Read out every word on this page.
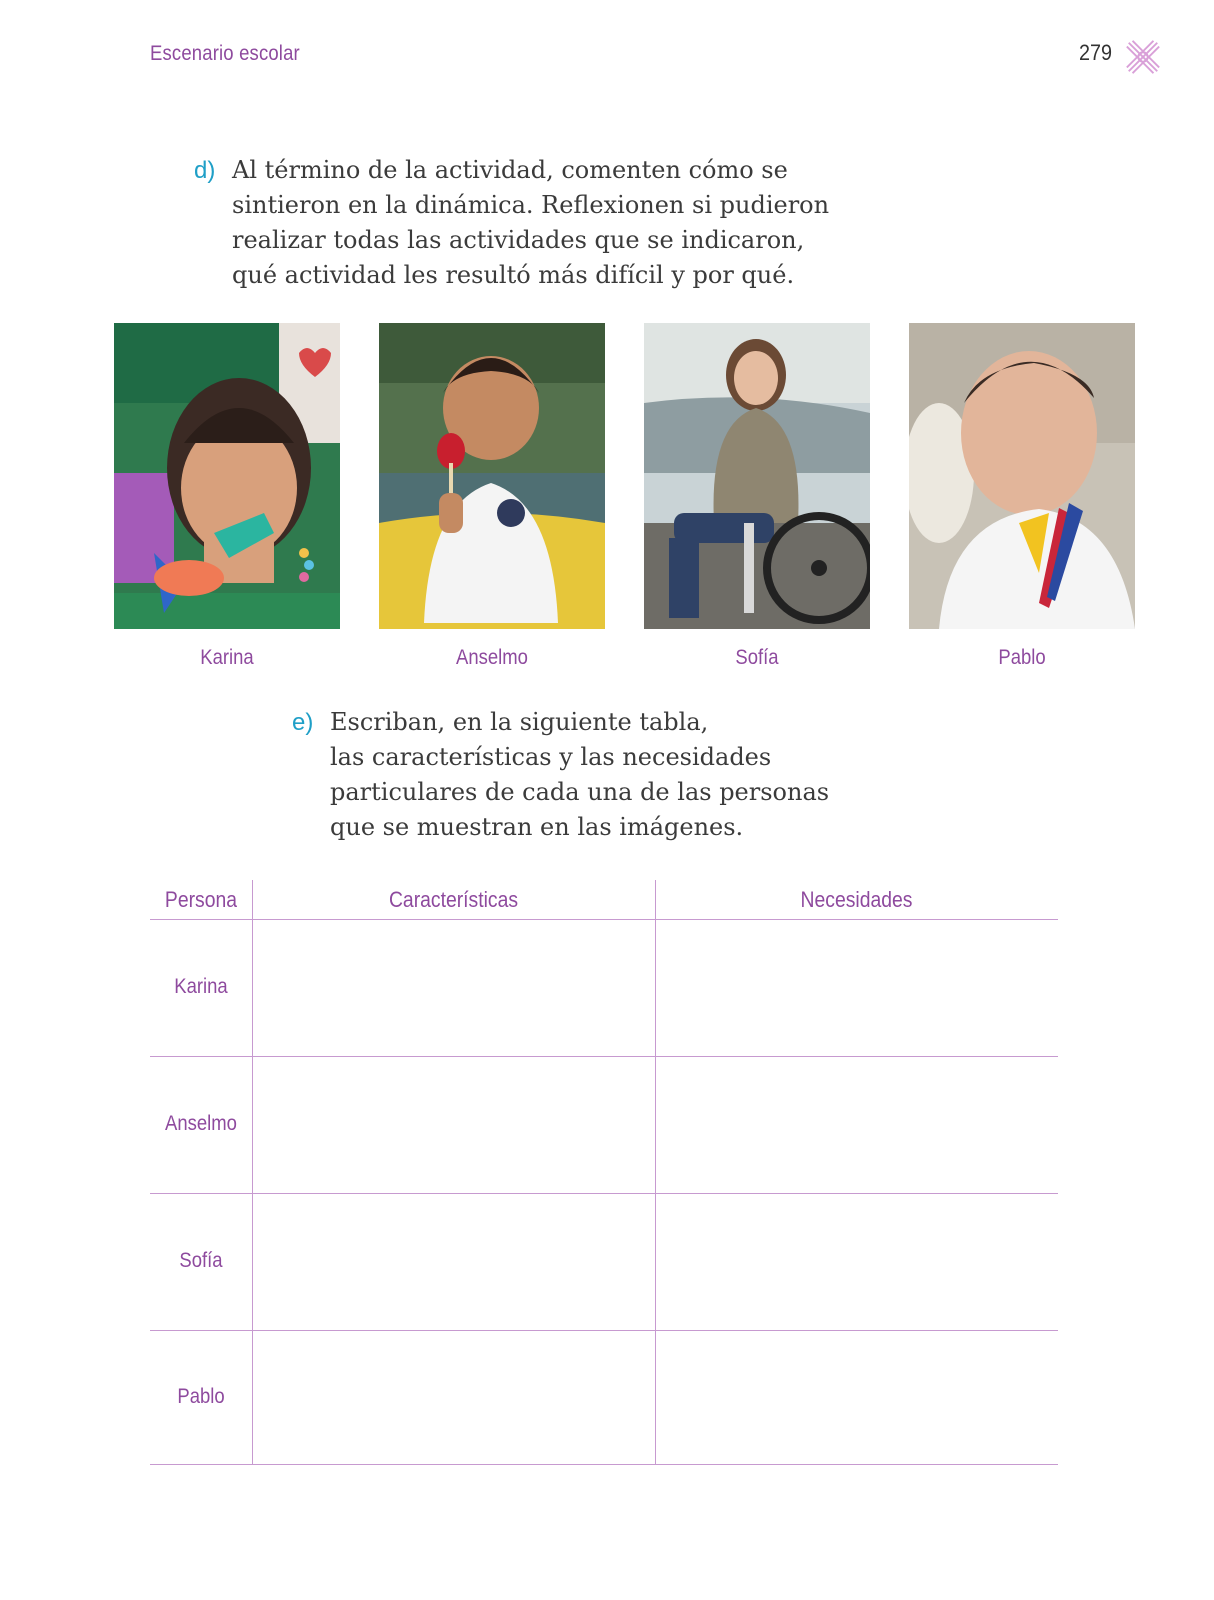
Escenario escolar	279
d) Al término de la actividad, comenten cómo se
sintieron en la dinámica. Reflexionen si pudieron
realizar todas las actividades que se indicaron,
qué actividad les resultó más difícil y por qué.
Karina	Anselmo	Sofía	Pablo
e) Escriban, en la siguiente tabla,
las características y las necesidades
particulares de cada una de las personas
que se muestran en las imágenes.
Persona	Características	Necesidades
Karina
Anselmo
Sofía
Pablo
